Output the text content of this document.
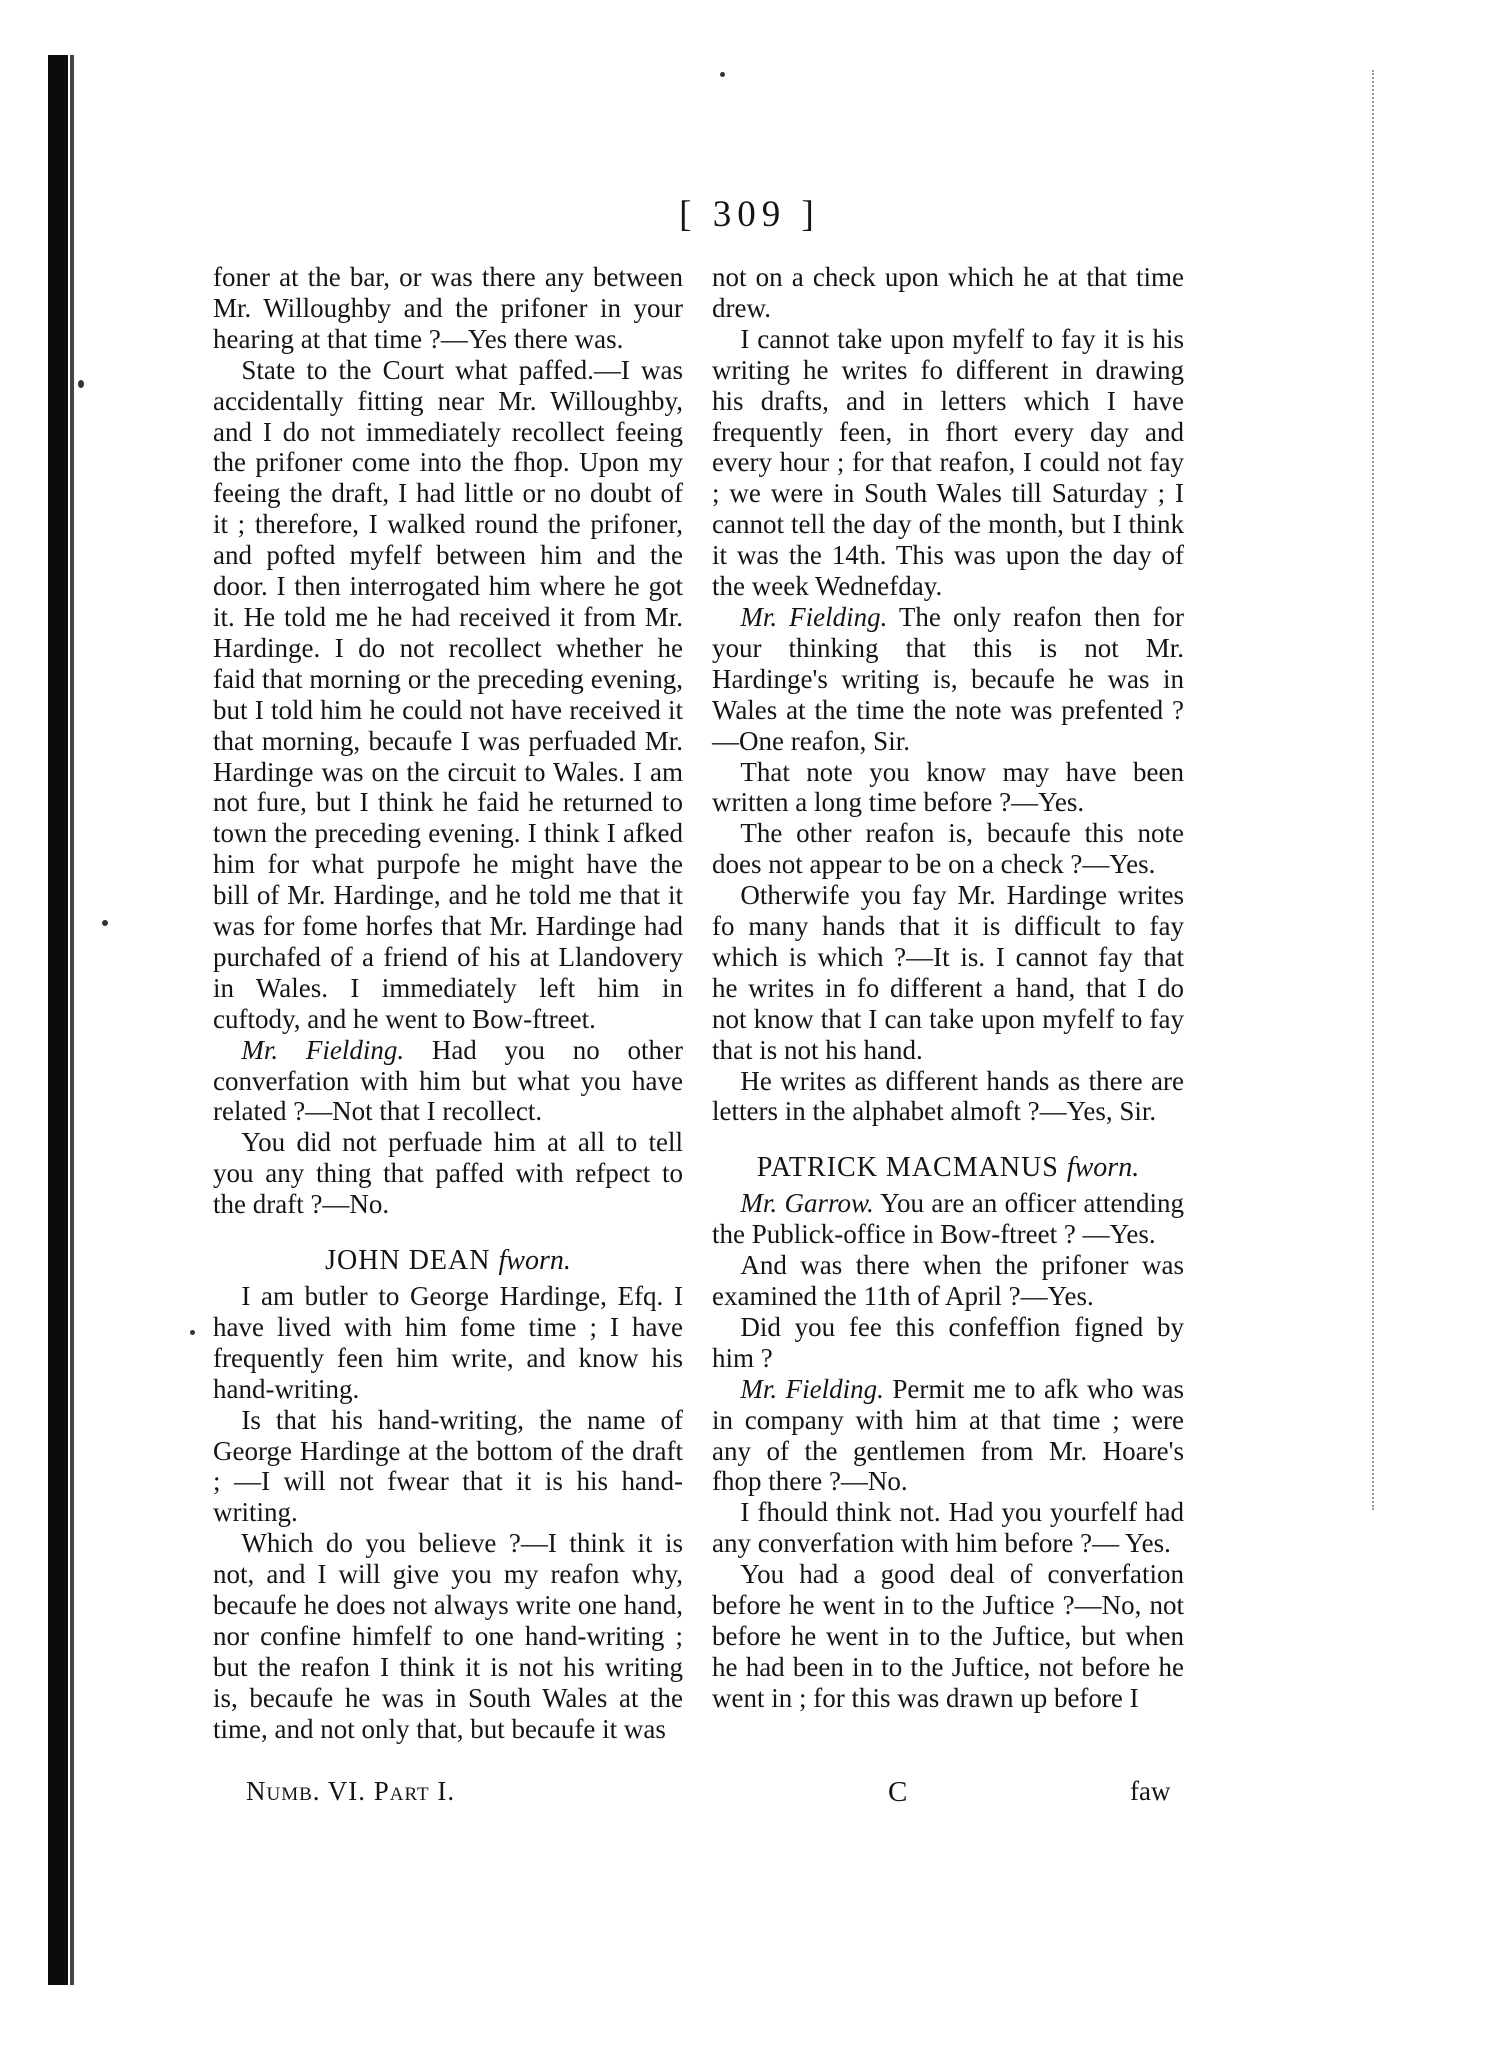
[ 309 ]

foner at the bar, or was there any between Mr. Willoughby and the prifoner in your hearing at that time ?—Yes there was.

State to the Court what paffed.—I was accidentally fitting near Mr. Willoughby, and I do not immediately recollect feeing the prifoner come into the fhop. Upon my feeing the draft, I had little or no doubt of it ; therefore, I walked round the prifoner, and pofted myfelf between him and the door. I then interrogated him where he got it. He told me he had received it from Mr. Hardinge. I do not recollect whether he faid that morning or the preceding evening, but I told him he could not have received it that morning, becaufe I was perfuaded Mr. Hardinge was on the circuit to Wales. I am not fure, but I think he faid he returned to town the preceding evening. I think I afked him for what purpofe he might have the bill of Mr. Hardinge, and he told me that it was for fome horfes that Mr. Hardinge had purchafed of a friend of his at Llandovery in Wales. I immediately left him in cuftody, and he went to Bow-ftreet.

Mr. Fielding. Had you no other converfation with him but what you have related ?—Not that I recollect.

You did not perfuade him at all to tell you any thing that paffed with refpect to the draft ?—No.

JOHN DEAN fworn.

I am butler to George Hardinge, Efq. I have lived with him fome time ; I have frequently feen him write, and know his hand-writing.

Is that his hand-writing, the name of George Hardinge at the bottom of the draft ; —I will not fwear that it is his hand-writing.

Which do you believe ?—I think it is not, and I will give you my reafon why, becaufe he does not always write one hand, nor confine himfelf to one hand-writing ; but the reafon I think it is not his writing is, becaufe he was in South Wales at the time, and not only that, but becaufe it was

not on a check upon which he at that time drew.

I cannot take upon myfelf to fay it is his writing he writes fo different in drawing his drafts, and in letters which I have frequently feen, in fhort every day and every hour ; for that reafon, I could not fay ; we were in South Wales till Saturday ; I cannot tell the day of the month, but I think it was the 14th. This was upon the day of the week Wednefday.

Mr. Fielding. The only reafon then for your thinking that this is not Mr. Hardinge's writing is, becaufe he was in Wales at the time the note was prefented ?—One reafon, Sir.

That note you know may have been written a long time before ?—Yes.

The other reafon is, becaufe this note does not appear to be on a check ?—Yes.

Otherwife you fay Mr. Hardinge writes fo many hands that it is difficult to fay which is which ?—It is. I cannot fay that he writes in fo different a hand, that I do not know that I can take upon myfelf to fay that is not his hand.

He writes as different hands as there are letters in the alphabet almoft ?—Yes, Sir.

PATRICK MACMANUS fworn.

Mr. Garrow. You are an officer attending the Publick-office in Bow-ftreet ? —Yes.

And was there when the prifoner was examined the 11th of April ?—Yes.

Did you fee this confeffion figned by him ?

Mr. Fielding. Permit me to afk who was in company with him at that time ; were any of the gentlemen from Mr. Hoare's fhop there ?—No.

I fhould think not. Had you yourfelf had any converfation with him before ?— Yes.

You had a good deal of converfation before he went in to the Juftice ?—No, not before he went in to the Juftice, but when he had been in to the Juftice, not before he went in ; for this was drawn up before I

Numb. VI. Part I.	C	faw
